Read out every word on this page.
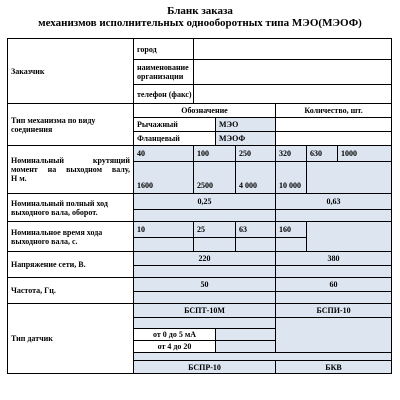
Бланк заказа
механизмов исполнительных однооборотных типа МЭО(МЭОФ)
Заказчик	город						
	наименование организации						
	телефон (факс)						
Тип механизма по виду соединения	Обозначение				Количество, шт.		
	Рычажный		МЭО				
	Фланцевый		МЭОФ				

Номинальный крутящий
момент на выходном валу,
Н м.	40	100		250	320	630	1000

	1600	2500		4 000	10 000		
Номинальный полный ход выходного вала, оборот.	0,25				0,63		

Номинальное время хода выходного вала, с.	10	25		63	160		

Напряжение сети, В.	220				380		

Частота, Гц.	50				60		

Тип датчик	БСПТ-10М				БСПИ-10		

	от 0 до 5 мА						
	от 4 до 20						

	БСПР-10				БКВ		
